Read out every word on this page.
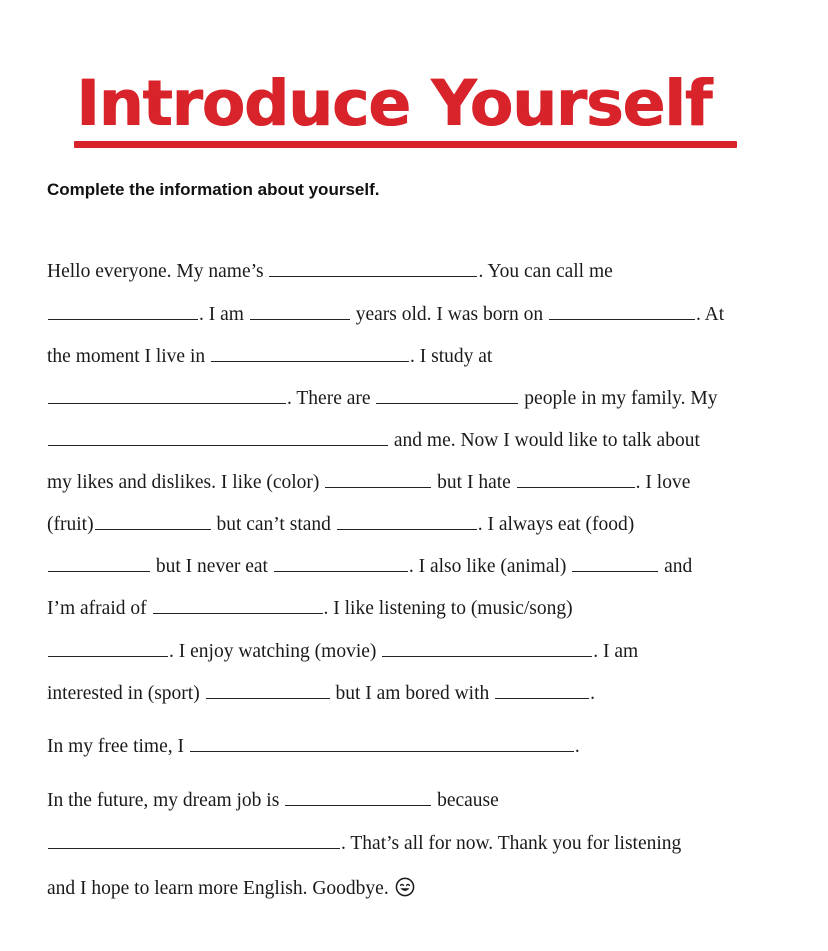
Introduce Yourself
Complete the information about yourself.
Hello everyone. My name’s	. You can call me
. I am	years old. I was born on	. At
the moment I live in	. I study at
. There are	people in my family. My
and me. Now I would like to talk about
my likes and dislikes. I like (color)	but I hate	. I love
(fruit)	but can’t stand	. I always eat (food)
but I never eat	. I also like (animal)	and
I’m afraid of	. I like listening to (music/song)
. I enjoy watching (movie)	. I am
interested in (sport)	but I am bored with	.
In my free time, I	.
In the future, my dream job is	because
. That’s all for now. Thank you for listening
and I hope to learn more English. Goodbye.
